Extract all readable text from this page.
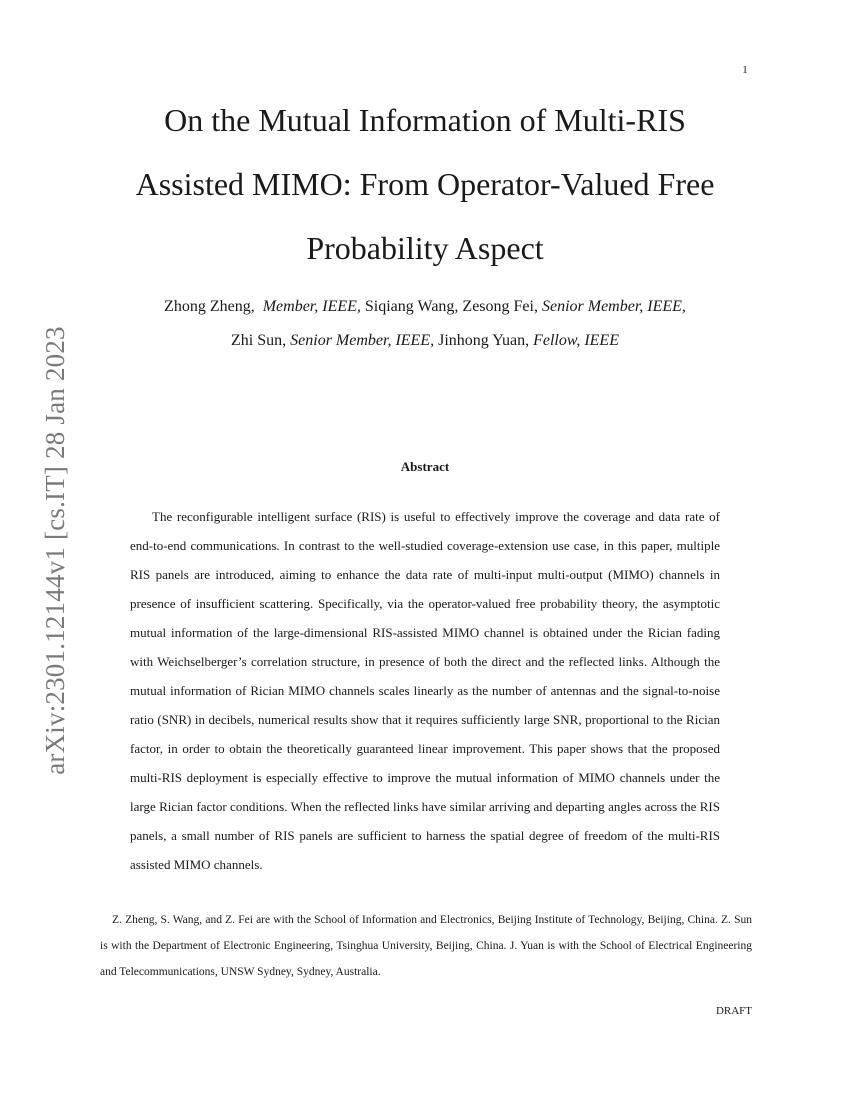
1
arXiv:2301.12144v1 [cs.IT] 28 Jan 2023
On the Mutual Information of Multi-RIS
Assisted MIMO: From Operator-Valued Free
Probability Aspect
Zhong Zheng, Member, IEEE, Siqiang Wang, Zesong Fei, Senior Member, IEEE,
Zhi Sun, Senior Member, IEEE, Jinhong Yuan, Fellow, IEEE
Abstract

The reconfigurable intelligent surface (RIS) is useful to effectively improve the coverage and data rate of end-to-end communications. In contrast to the well-studied coverage-extension use case, in this paper, multiple RIS panels are introduced, aiming to enhance the data rate of multi-input multi-output (MIMO) channels in presence of insufficient scattering. Specifically, via the operator-valued free probability theory, the asymptotic mutual information of the large-dimensional RIS-assisted MIMO channel is obtained under the Rician fading with Weichselberger’s correlation structure, in presence of both the direct and the reflected links. Although the mutual information of Rician MIMO channels scales linearly as the number of antennas and the signal-to-noise ratio (SNR) in decibels, numerical results show that it requires sufficiently large SNR, proportional to the Rician factor, in order to obtain the theoretically guaranteed linear improvement. This paper shows that the proposed multi-RIS deployment is especially effective to improve the mutual information of MIMO channels under the large Rician factor conditions. When the reflected links have similar arriving and departing angles across the RIS panels, a small number of RIS panels are sufficient to harness the spatial degree of freedom of the multi-RIS assisted MIMO channels.

Z. Zheng, S. Wang, and Z. Fei are with the School of Information and Electronics, Beijing Institute of Technology, Beijing, China. Z. Sun is with the Department of Electronic Engineering, Tsinghua University, Beijing, China. J. Yuan is with the School of Electrical Engineering and Telecommunications, UNSW Sydney, Sydney, Australia.

DRAFT
